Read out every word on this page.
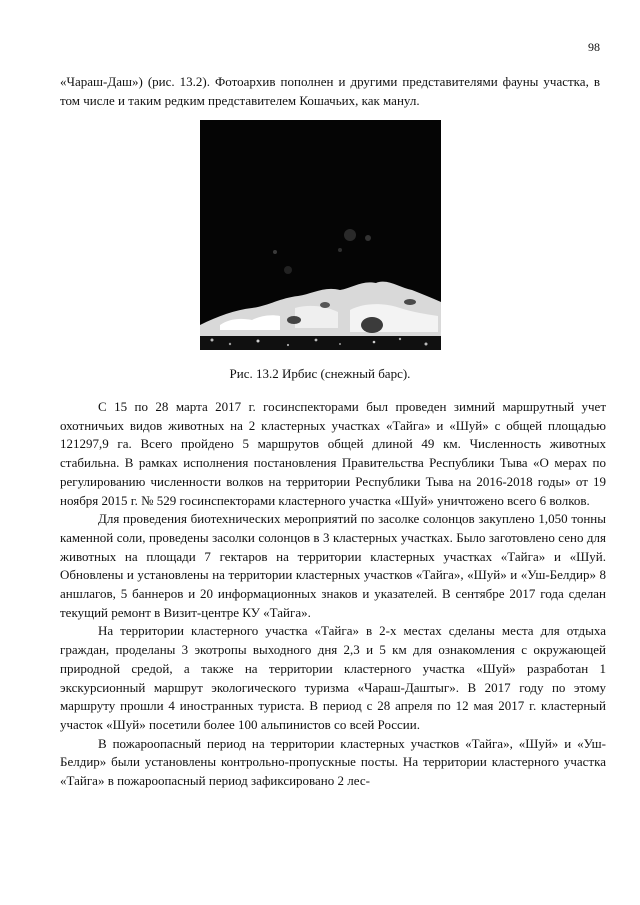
98

«Чараш-Даш») (рис. 13.2). Фотоархив пополнен и другими представителями фауны участка, в том числе и таким редким представителем Кошачьих, как манул.

Рис. 13.2 Ирбис (снежный барс).

С 15 по 28 марта 2017 г. госинспекторами был проведен зимний маршрутный учет охотничьих видов животных на 2 кластерных участках «Тайга» и «Шуй» с общей площадью 121297,9 га. Всего пройдено 5 маршрутов общей длиной 49 км. Численность животных стабильна. В рамках исполнения постановления Правительства Республики Тыва «О мерах по регулированию численности волков на территории Республики Тыва на 2016-2018 годы» от 19 ноября 2015 г. № 529 госинспекторами кластерного участка «Шуй» уничтожено всего 6 волков.

Для проведения биотехнических мероприятий по засолке солонцов закуплено 1,050 тонны каменной соли, проведены засолки солонцов в 3 кластерных участках. Было заготовлено сено для животных на площади 7 гектаров на территории кластерных участках «Тайга» и «Шуй. Обновлены и установлены на территории кластерных участков «Тайга», «Шуй» и «Уш-Белдир» 8 аншлагов, 5 баннеров и 20 информационных знаков и указателей. В сентябре 2017 года сделан текущий ремонт в Визит-центре КУ «Тайга».

На территории кластерного участка «Тайга» в 2-х местах сделаны места для отдыха граждан, проделаны 3 экотропы выходного дня 2,3 и 5 км для ознакомления с окружающей природной средой, а также на территории кластерного участка «Шуй» разработан 1 экскурсионный маршрут экологического туризма «Чараш-Даштыг». В 2017 году по этому маршруту прошли 4 иностранных туриста. В период с 28 апреля по 12 мая 2017 г. кластерный участок «Шуй» посетили более 100 альпинистов со всей России.

В пожароопасный период на территории кластерных участков «Тайга», «Шуй» и «Уш-Белдир» были установлены контрольно-пропускные посты. На территории кластерного участка «Тайга» в пожароопасный период зафиксировано 2 лес-
